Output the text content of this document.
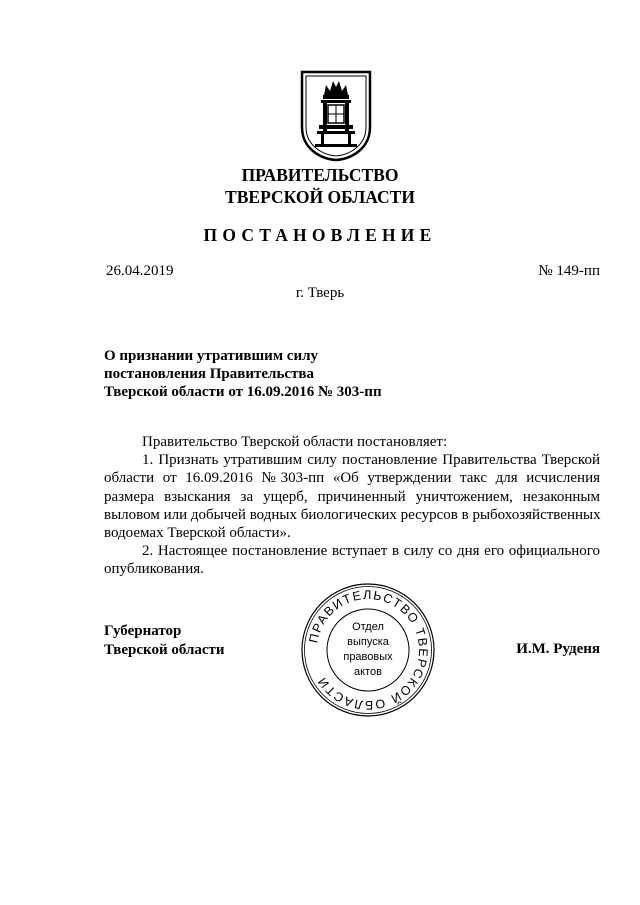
ПРАВИТЕЛЬСТВО
ТВЕРСКОЙ ОБЛАСТИ
ПОСТАНОВЛЕНИЕ
26.04.2019	№ 149-пп
г. Тверь
О признании утратившим силу
постановления Правительства
Тверской области от 16.09.2016 № 303-пп
Правительство Тверской области постановляет:
1. Признать утратившим силу постановление Правительства Тверской
области от 16.09.2016 №303-пп «Об утверждении такс для исчисления
размера взыскания за ущерб, причиненный уничтожением, незаконным
выловом или добычей водных биологических ресурсов в рыбохозяйственных
водоемах Тверской области».
2. Настоящее постановление вступает в силу со дня его официального
опубликования.
Губернатор
Тверской области	И.М. Руденя
ПРАВИТЕЛЬСТВО ТВЕРСКОЙ ОБЛАСТИ
Отдел
выпуска
правовых
актов
